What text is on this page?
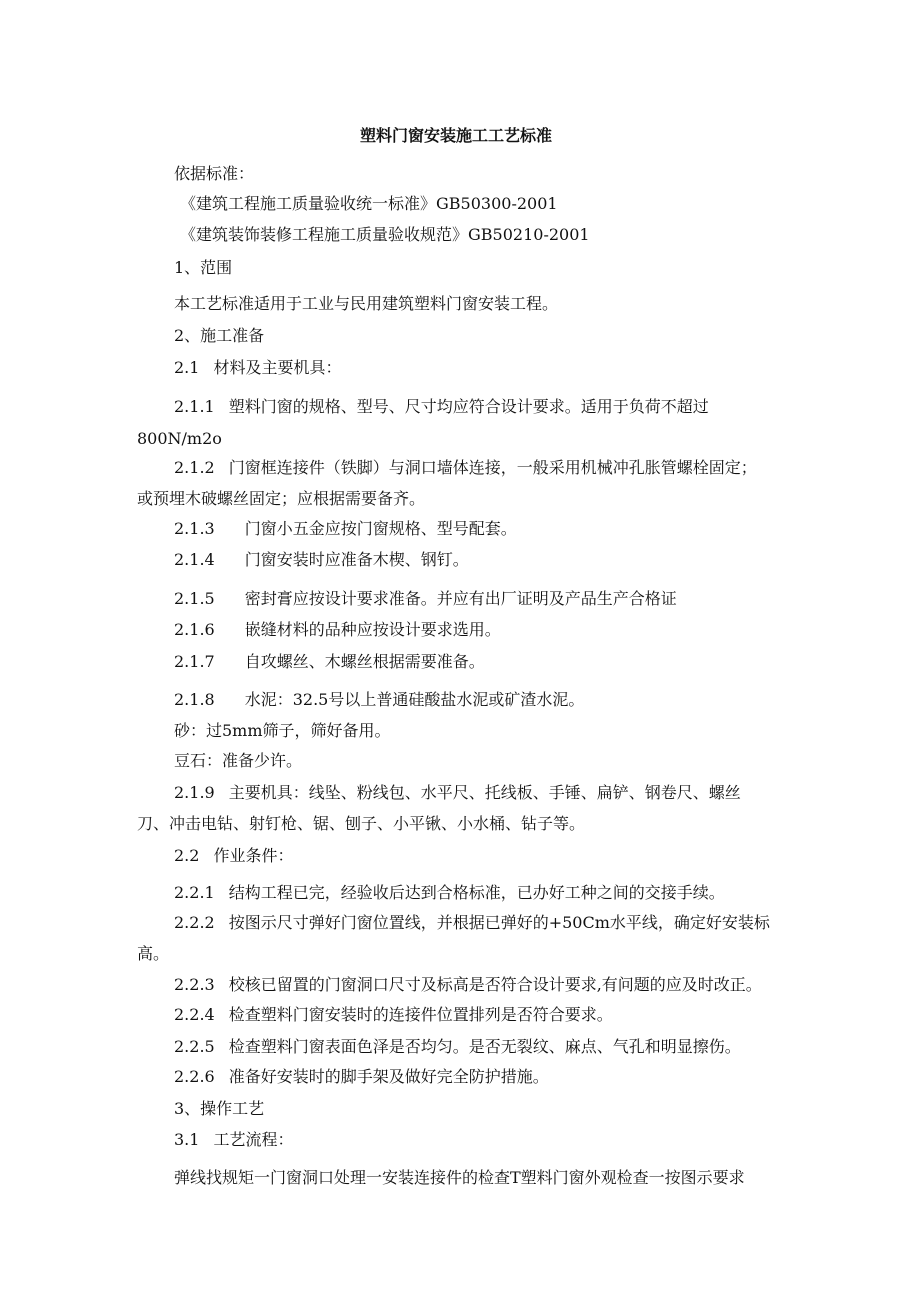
塑料门窗安装施工工艺标准
依据标准：
《建筑工程施工质量验收统一标准》GB50300-2001
《建筑装饰装修工程施工质量验收规范》GB50210-2001
1、范围
本工艺标准适用于工业与民用建筑塑料门窗安装工程。
2、施工准备
2.1 材料及主要机具：
2.1.1 塑料门窗的规格、型号、尺寸均应符合设计要求。适用于负荷不超过
800N∕m2o
2.1.2 门窗框连接件（铁脚）与洞口墙体连接，一般采用机械冲孔胀管螺栓固定；
或预埋木破螺丝固定；应根据需要备齐。
2.1.3 门窗小五金应按门窗规格、型号配套。
2.1.4 门窗安装时应准备木楔、钢钉。
2.1.5 密封膏应按设计要求准备。并应有出厂证明及产品生产合格证
2.1.6 嵌缝材料的品种应按设计要求选用。
2.1.7 自攻螺丝、木螺丝根据需要准备。
2.1.8 水泥：32.5号以上普通硅酸盐水泥或矿渣水泥。
砂：过5mm筛子，筛好备用。
豆石：准备少许。
2.1.9 主要机具：线坠、粉线包、水平尺、托线板、手锤、扁铲、钢卷尺、螺丝
刀、冲击电钻、射钉枪、锯、刨子、小平锹、小水桶、钻子等。
2.2 作业条件：
2.2.1 结构工程已完，经验收后达到合格标准，已办好工种之间的交接手续。
2.2.2 按图示尺寸弹好门窗位置线，并根据已弹好的+50Cm水平线，确定好安装标
高。
2.2.3 校核已留置的门窗洞口尺寸及标高是否符合设计要求,有问题的应及时改正。
2.2.4 检查塑料门窗安装时的连接件位置排列是否符合要求。
2.2.5 检查塑料门窗表面色泽是否均匀。是否无裂纹、麻点、气孔和明显擦伤。
2.2.6 准备好安装时的脚手架及做好完全防护措施。
3、操作工艺
3.1 工艺流程：
弹线找规矩一门窗洞口处理一安装连接件的检查T塑料门窗外观检查一按图示要求
